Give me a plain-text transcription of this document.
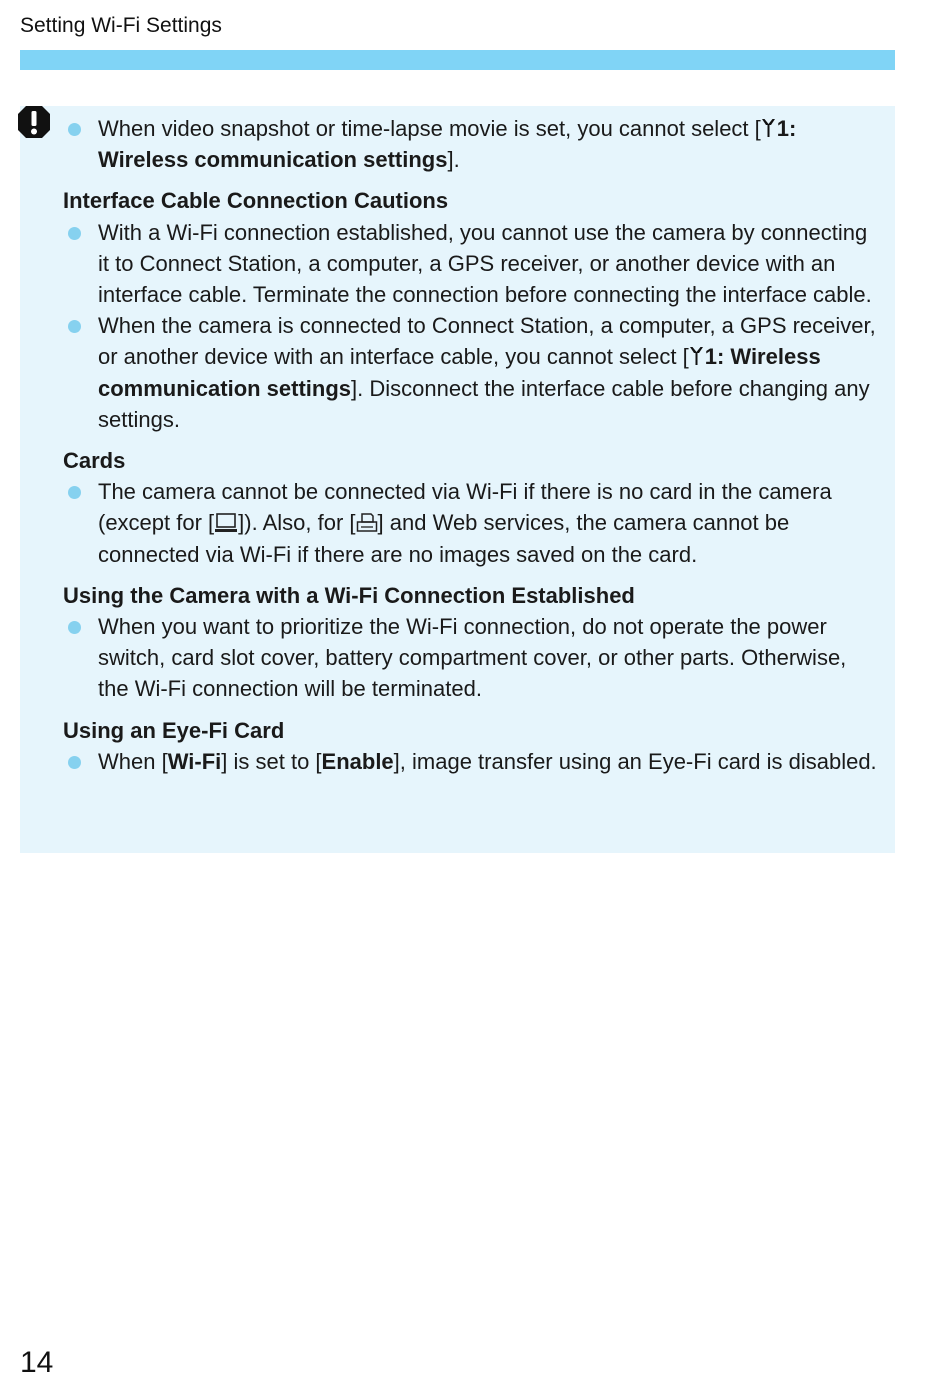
Setting Wi-Fi Settings
When video snapshot or time-lapse movie is set, you cannot select [ 1: Wireless communication settings].
Interface Cable Connection Cautions
With a Wi-Fi connection established, you cannot use the camera by connecting it to Connect Station, a computer, a GPS receiver, or another device with an interface cable. Terminate the connection before connecting the interface cable.
When the camera is connected to Connect Station, a computer, a GPS receiver, or another device with an interface cable, you cannot select [ 1: Wireless communication settings]. Disconnect the interface cable before changing any settings.
Cards
The camera cannot be connected via Wi-Fi if there is no card in the camera (except for [ ]). Also, for [ ] and Web services, the camera cannot be connected via Wi-Fi if there are no images saved on the card.
Using the Camera with a Wi-Fi Connection Established
When you want to prioritize the Wi-Fi connection, do not operate the power switch, card slot cover, battery compartment cover, or other parts. Otherwise, the Wi-Fi connection will be terminated.
Using an Eye-Fi Card
When [Wi-Fi] is set to [Enable], image transfer using an Eye-Fi card is disabled.
14
